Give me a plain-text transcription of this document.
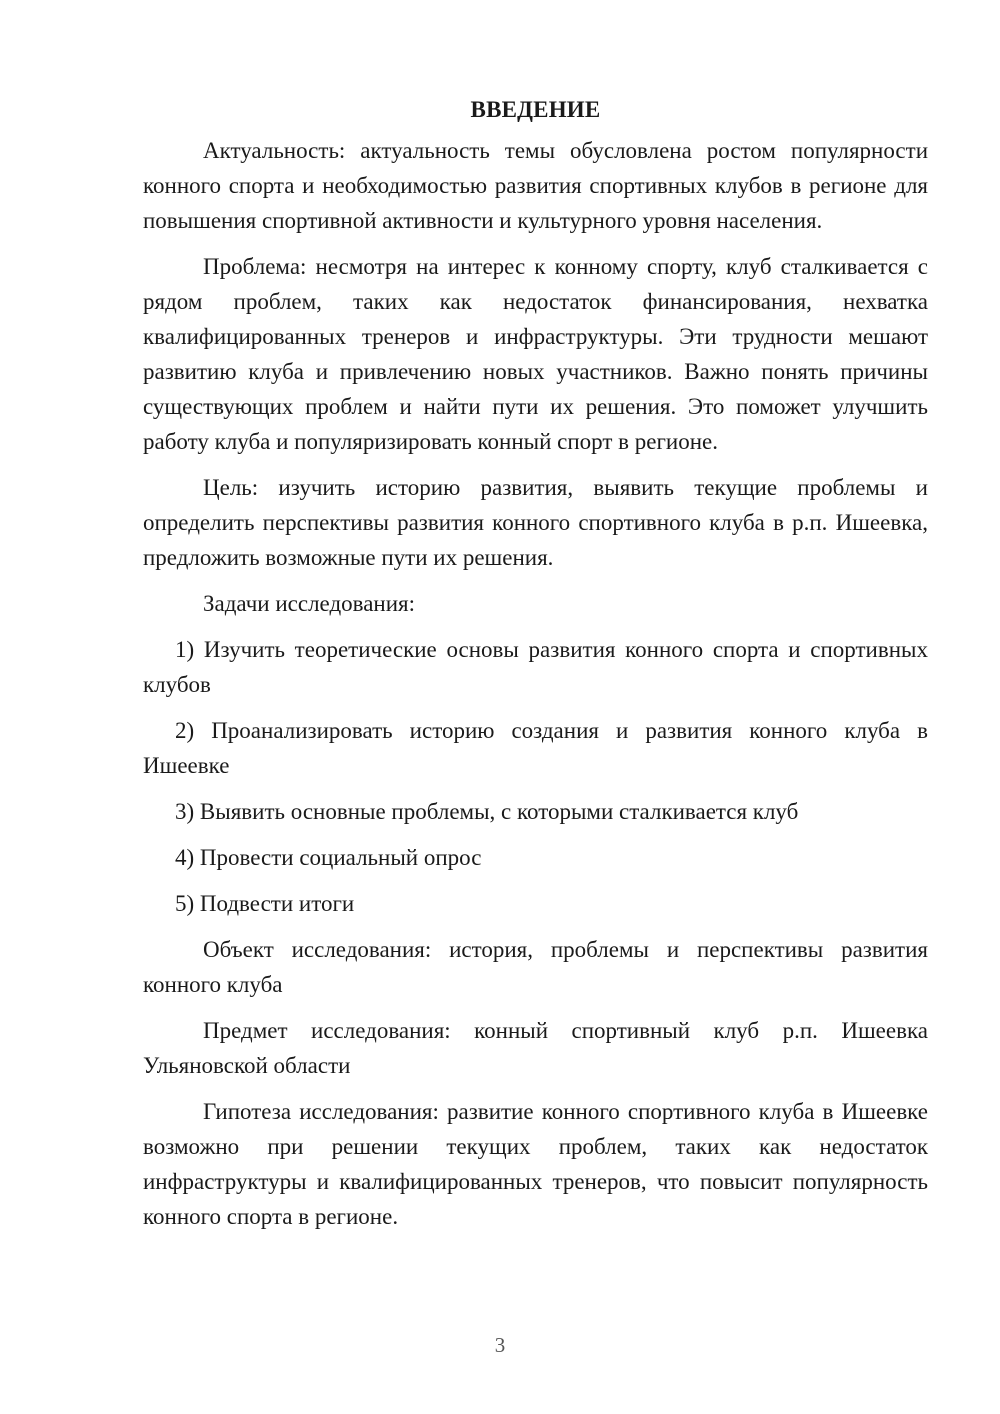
ВВЕДЕНИЕ

Актуальность: актуальность темы обусловлена ростом популярности конного спорта и необходимостью развития спортивных клубов в регионе для повышения спортивной активности и культурного уровня населения.

Проблема: несмотря на интерес к конному спорту, клуб сталкивается с рядом проблем, таких как недостаток финансирования, нехватка квалифицированных тренеров и инфраструктуры. Эти трудности мешают развитию клуба и привлечению новых участников. Важно понять причины существующих проблем и найти пути их решения. Это поможет улучшить работу клуба и популяризировать конный спорт в регионе.

Цель: изучить историю развития, выявить текущие проблемы и определить перспективы развития конного спортивного клуба в р.п. Ишеевка, предложить возможные пути их решения.

Задачи исследования:

1) Изучить теоретические основы развития конного спорта и спортивных клубов

2) Проанализировать историю создания и развития конного клуба в Ишеевке

3) Выявить основные проблемы, с которыми сталкивается клуб

4) Провести социальный опрос

5) Подвести итоги

Объект исследования: история, проблемы и перспективы развития конного клуба

Предмет исследования: конный спортивный клуб р.п. Ишеевка Ульяновской области

Гипотеза исследования: развитие конного спортивного клуба в Ишеевке возможно при решении текущих проблем, таких как недостаток инфраструктуры и квалифицированных тренеров, что повысит популярность конного спорта в регионе.

3
